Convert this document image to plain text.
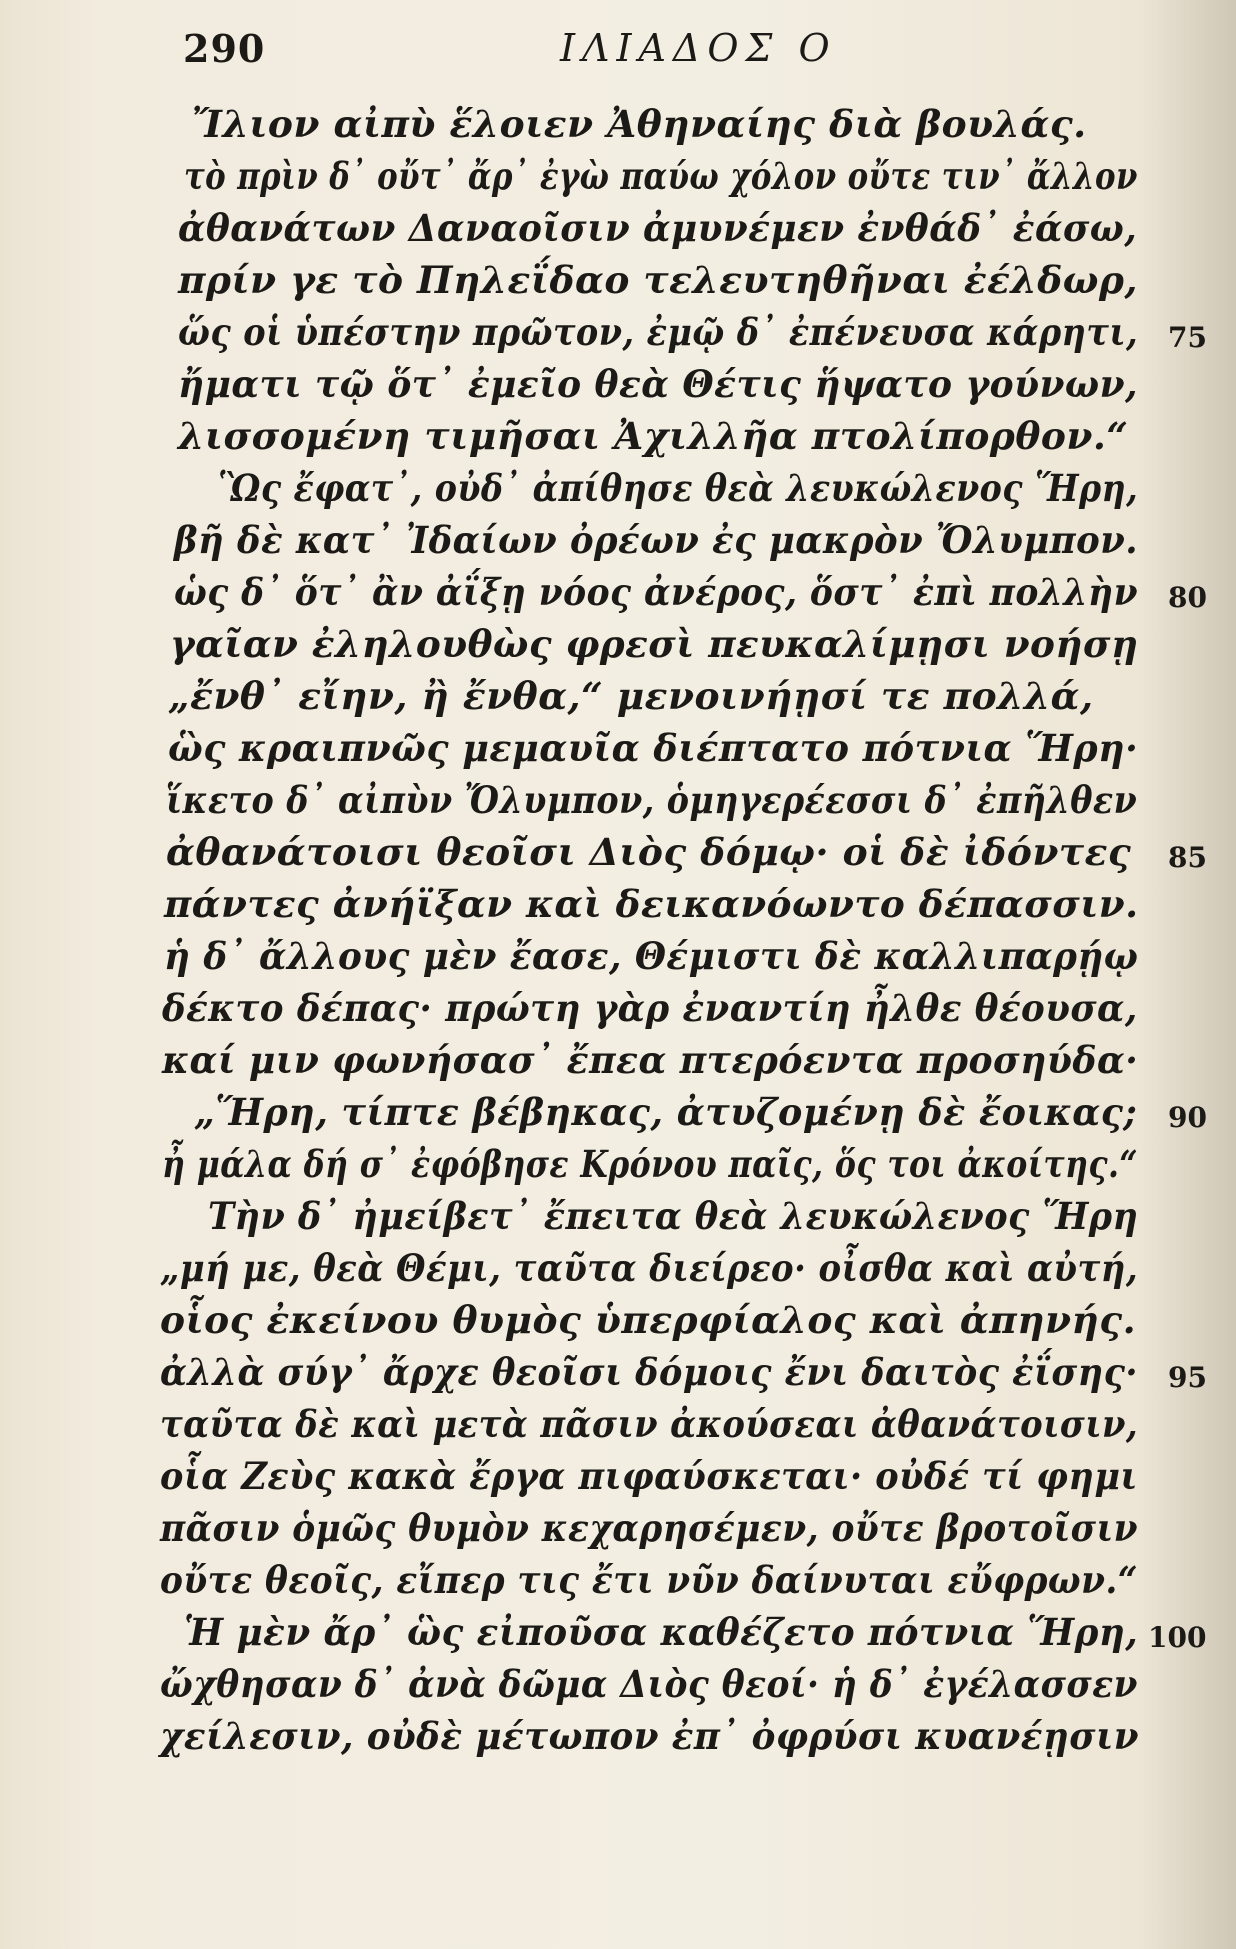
290	ΙΛΙΑΔΟΣ Ο
Ἴλιον αἰπὺ ἕλοιεν Ἀθηναίης διὰ βουλάς.
τὸ πρὶν δ᾽ οὔτ᾽ ἄρ᾽ ἐγὼ παύω χόλον οὔτε τιν᾽ ἄλλον
ἀθανάτων Δαναοῖσιν ἀμυνέμεν ἐνθάδ᾽ ἐάσω,
πρίν γε τὸ Πηλεΐδαο τελευτηθῆναι ἐέλδωρ,
ὥς οἱ ὑπέστην πρῶτον, ἐμῷ δ᾽ ἐπένευσα κάρητι, 75
ἤματι τῷ ὅτ᾽ ἐμεῖο θεὰ Θέτις ἥψατο γούνων,
λισσομένη τιμῆσαι Ἀχιλλῆα πτολίπορθον.“
Ὣς ἔφατ᾽, οὐδ᾽ ἀπίθησε θεὰ λευκώλενος Ἥρη,
βῆ δὲ κατ᾽ Ἰδαίων ὀρέων ἐς μακρὸν Ὄλυμπον.
ὡς δ᾽ ὅτ᾽ ἂν ἀΐξῃ νόος ἀνέρος, ὅστ᾽ ἐπὶ πολλὴν 80
γαῖαν ἐληλουθὼς φρεσὶ πευκαλίμῃσι νοήσῃ
„ἔνθ᾽ εἴην, ἢ ἔνθα,“ μενοινήῃσί τε πολλά,
ὣς κραιπνῶς μεμαυῖα διέπτατο πότνια Ἥρη·
ἵκετο δ᾽ αἰπὺν Ὄλυμπον, ὁμηγερέεσσι δ᾽ ἐπῆλθεν
ἀθανάτοισι θεοῖσι Διὸς δόμῳ· οἱ δὲ ἰδόντες 85
πάντες ἀνήϊξαν καὶ δεικανόωντο δέπασσιν.
ἡ δ᾽ ἄλλους μὲν ἔασε, Θέμιστι δὲ καλλιπαρῄῳ
δέκτο δέπας· πρώτη γὰρ ἐναντίη ἦλθε θέουσα,
καί μιν φωνήσασ᾽ ἔπεα πτερόεντα προσηύδα·
„Ἥρη, τίπτε βέβηκας, ἀτυζομένῃ δὲ ἔοικας; 90
ἦ μάλα δή σ᾽ ἐφόβησε Κρόνου παῖς, ὅς τοι ἀκοίτης.“
Τὴν δ᾽ ἠμείβετ᾽ ἔπειτα θεὰ λευκώλενος Ἥρη
„μή με, θεὰ Θέμι, ταῦτα διείρεο· οἶσθα καὶ αὐτή,
οἷος ἐκείνου θυμὸς ὑπερφίαλος καὶ ἀπηνής.
ἀλλὰ σύγ᾽ ἄρχε θεοῖσι δόμοις ἔνι δαιτὸς ἐΐσης· 95
ταῦτα δὲ καὶ μετὰ πᾶσιν ἀκούσεαι ἀθανάτοισιν,
οἷα Ζεὺς κακὰ ἔργα πιφαύσκεται· οὐδέ τί φημι
πᾶσιν ὁμῶς θυμὸν κεχαρησέμεν, οὔτε βροτοῖσιν
οὔτε θεοῖς, εἴπερ τις ἔτι νῦν δαίνυται εὔφρων.“
Ἡ μὲν ἄρ᾽ ὣς εἰποῦσα καθέζετο πότνια Ἥρη, 100
ὤχθησαν δ᾽ ἀνὰ δῶμα Διὸς θεοί· ἡ δ᾽ ἐγέλασσεν
χείλεσιν, οὐδὲ μέτωπον ἐπ᾽ ὀφρύσι κυανέῃσιν
